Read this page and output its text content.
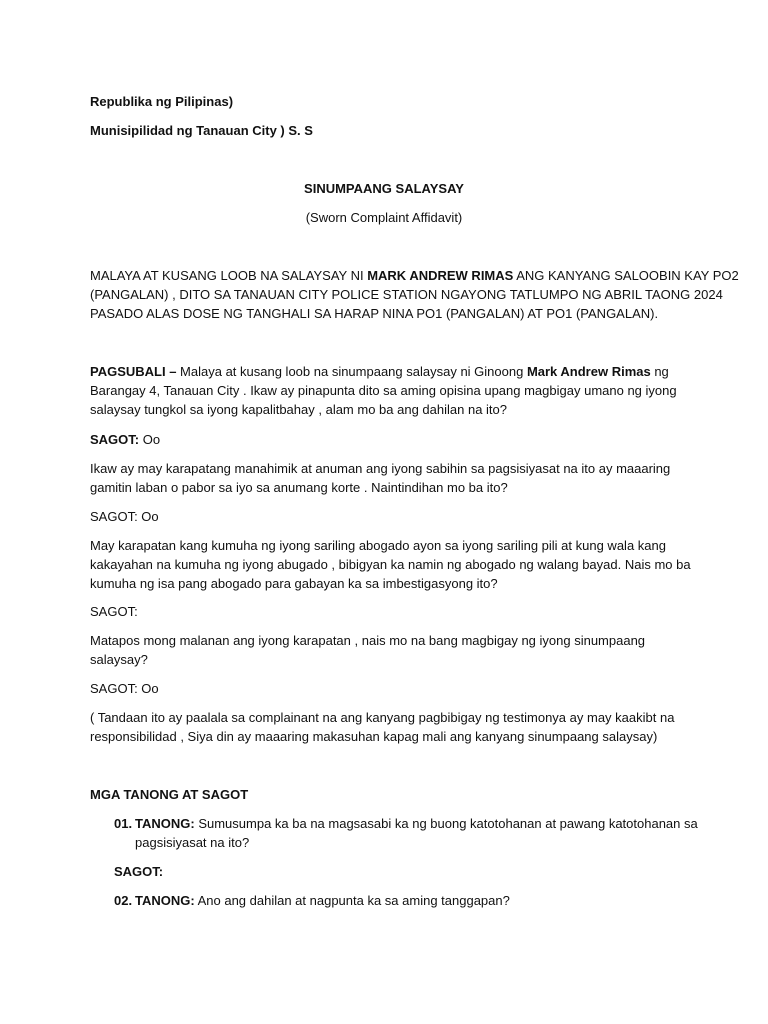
Republika ng Pilipinas)
Munisipilidad ng Tanauan City ) S. S
SINUMPAANG SALAYSAY
(Sworn Complaint Affidavit)
MALAYA AT KUSANG LOOB NA SALAYSAY NI MARK ANDREW RIMAS ANG KANYANG SALOOBIN KAY PO2
(PANGALAN) , DITO SA TANAUAN CITY POLICE STATION NGAYONG TATLUMPO NG ABRIL TAONG 2024
PASADO ALAS DOSE NG TANGHALI SA HARAP NINA PO1 (PANGALAN) AT PO1 (PANGALAN).
PAGSUBALI – Malaya at kusang loob na sinumpaang salaysay ni Ginoong Mark Andrew Rimas ng
Barangay 4, Tanauan City . Ikaw ay pinapunta dito sa aming opisina upang magbigay umano ng iyong
salaysay tungkol sa iyong kapalitbahay , alam mo ba ang dahilan na ito?
SAGOT: Oo
Ikaw ay may karapatang manahimik at anuman ang iyong sabihin sa pagsisiyasat na ito ay maaaring
gamitin laban o pabor sa iyo sa anumang korte . Naintindihan mo ba ito?
SAGOT: Oo
May karapatan kang kumuha ng iyong sariling abogado ayon sa iyong sariling pili at kung wala kang
kakayahan na kumuha ng iyong abugado , bibigyan ka namin ng abogado ng walang bayad. Nais mo ba
kumuha ng isa pang abogado para gabayan ka sa imbestigasyong ito?
SAGOT:
Matapos mong malanan ang iyong karapatan , nais mo na bang magbigay ng iyong sinumpaang
salaysay?
SAGOT: Oo
( Tandaan ito ay paalala sa complainant na ang kanyang pagbibigay ng testimonya ay may kaakibt na
responsibilidad , Siya din ay maaaring makasuhan kapag mali ang kanyang sinumpaang salaysay)
MGA TANONG AT SAGOT
01. TANONG: Sumusumpa ka ba na magsasabi ka ng buong katotohanan at pawang katotohanan sa
pagsisiyasat na ito?
SAGOT:
02. TANONG: Ano ang dahilan at nagpunta ka sa aming tanggapan?
